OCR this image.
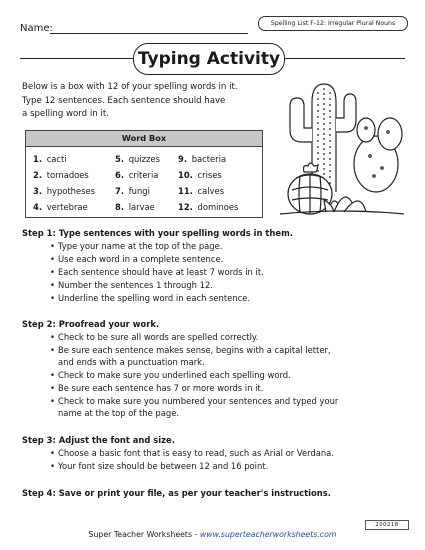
Name:	Spelling List F-12: Irregular Plural Nouns
Typing Activity
Below is a box with 12 of your spelling words in it.
Type 12 sentences. Each sentence should have
a spelling word in it.
Word Box
1. cacti
2. tornadoes
3. hypotheses
4. vertebrae
5. quizzes
6. criteria
7. fungi
8. larvae
9. bacteria
10. crises
11. calves
12. dominoes
Step 1: Type sentences with your spelling words in them.
• Type your name at the top of the page.
• Use each word in a complete sentence.
• Each sentence should have at least 7 words in it.
• Number the sentences 1 through 12.
• Underline the spelling word in each sentence.
Step 2: Proofread your work.
• Check to be sure all words are spelled correctly.
• Be sure each sentence makes sense, begins with a capital letter,
and ends with a punctuation mark.
• Check to make sure you underlined each spelling word.
• Be sure each sentence has 7 or more words in it.
• Check to make sure you numbered your sentences and typed your
name at the top of the page.
Step 3: Adjust the font and size.
• Choose a basic font that is easy to read, such as Arial or Verdana.
• Your font size should be between 12 and 16 point.
Step 4: Save or print your file, as per your teacher's instructions.
200218
Super Teacher Worksheets - www.superteacherworksheets.com
